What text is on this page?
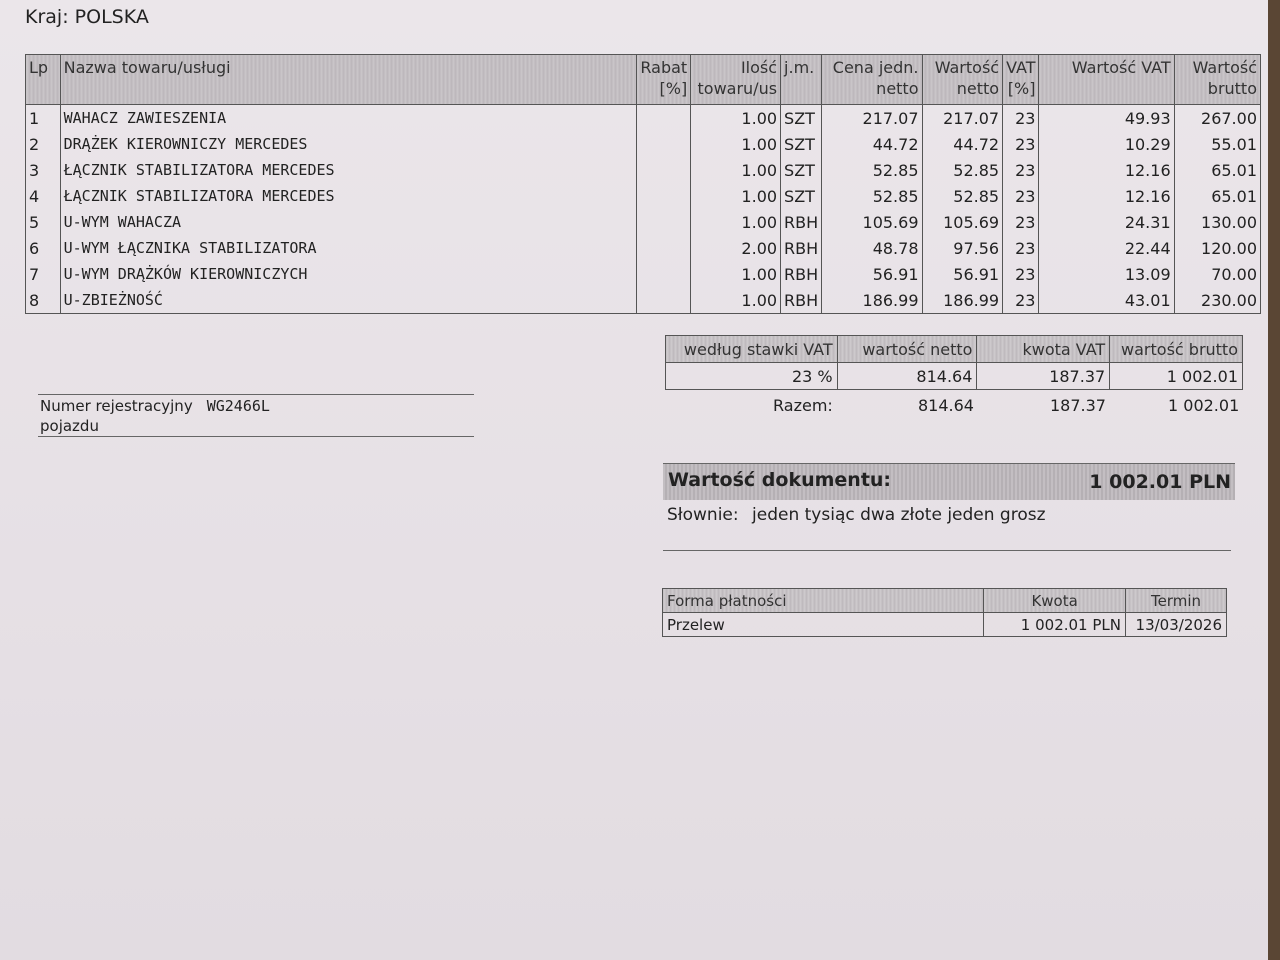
Kraj: POLSKA
Lp	Nazwa towaru/usługi	Rabat [%]	Ilość towaru/us	j.m.	Cena jedn. netto	Wartość netto	VAT [%]	Wartość VAT	Wartość brutto
1	WAHACZ ZAWIESZENIA		1.00	SZT	217.07	217.07	23	49.93	267.00
2	DRĄŻEK KIEROWNICZY MERCEDES		1.00	SZT	44.72	44.72	23	10.29	55.01
3	ŁĄCZNIK STABILIZATORA MERCEDES		1.00	SZT	52.85	52.85	23	12.16	65.01
4	ŁĄCZNIK STABILIZATORA MERCEDES		1.00	SZT	52.85	52.85	23	12.16	65.01
5	U-WYM WAHACZA		1.00	RBH	105.69	105.69	23	24.31	130.00
6	U-WYM ŁĄCZNIKA STABILIZATORA		2.00	RBH	48.78	97.56	23	22.44	120.00
7	U-WYM DRĄŻKÓW KIEROWNICZYCH		1.00	RBH	56.91	56.91	23	13.09	70.00
8	U-ZBIEŻNOŚĆ		1.00	RBH	186.99	186.99	23	43.01	230.00
według stawki VAT	wartość netto	kwota VAT	wartość brutto
23 %	814.64	187.37	1 002.01
Razem:	814.64	187.37	1 002.01
Numer rejestracyjny WG2466L
pojazdu
Wartość dokumentu:	1 002.01 PLN
Słownie: jeden tysiąc dwa złote jeden grosz
Forma płatności	Kwota	Termin
Przelew	1 002.01 PLN	13/03/2026
